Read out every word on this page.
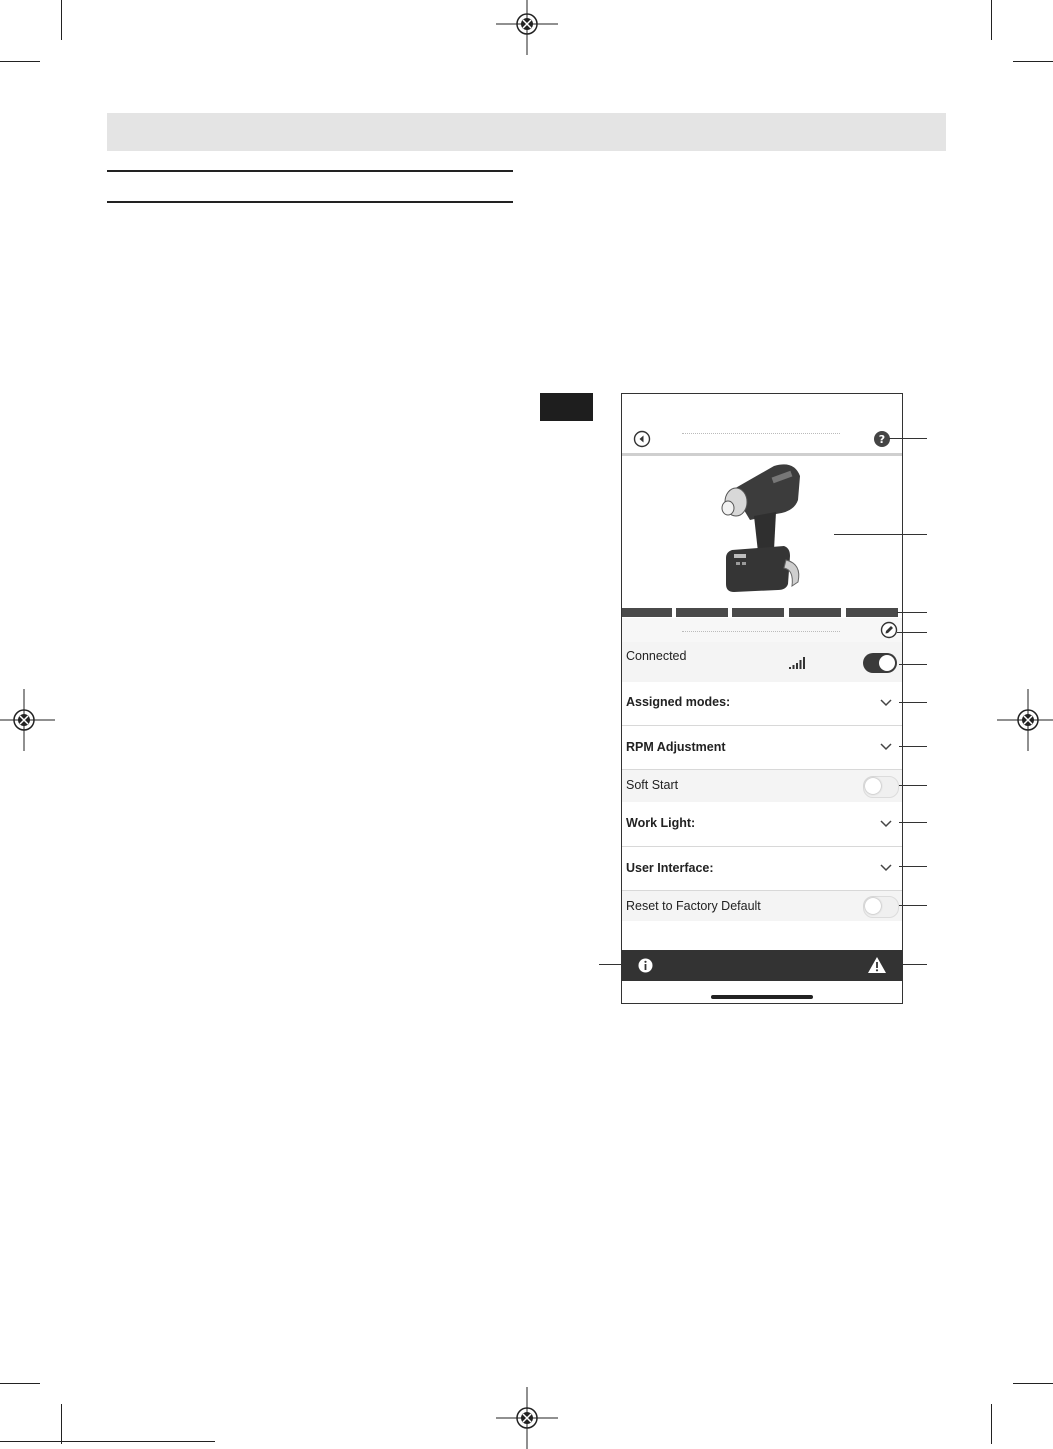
?
Connected
Assigned modes:
RPM Adjustment
Soft Start
Work Light:
User Interface:
Reset to Factory Default
